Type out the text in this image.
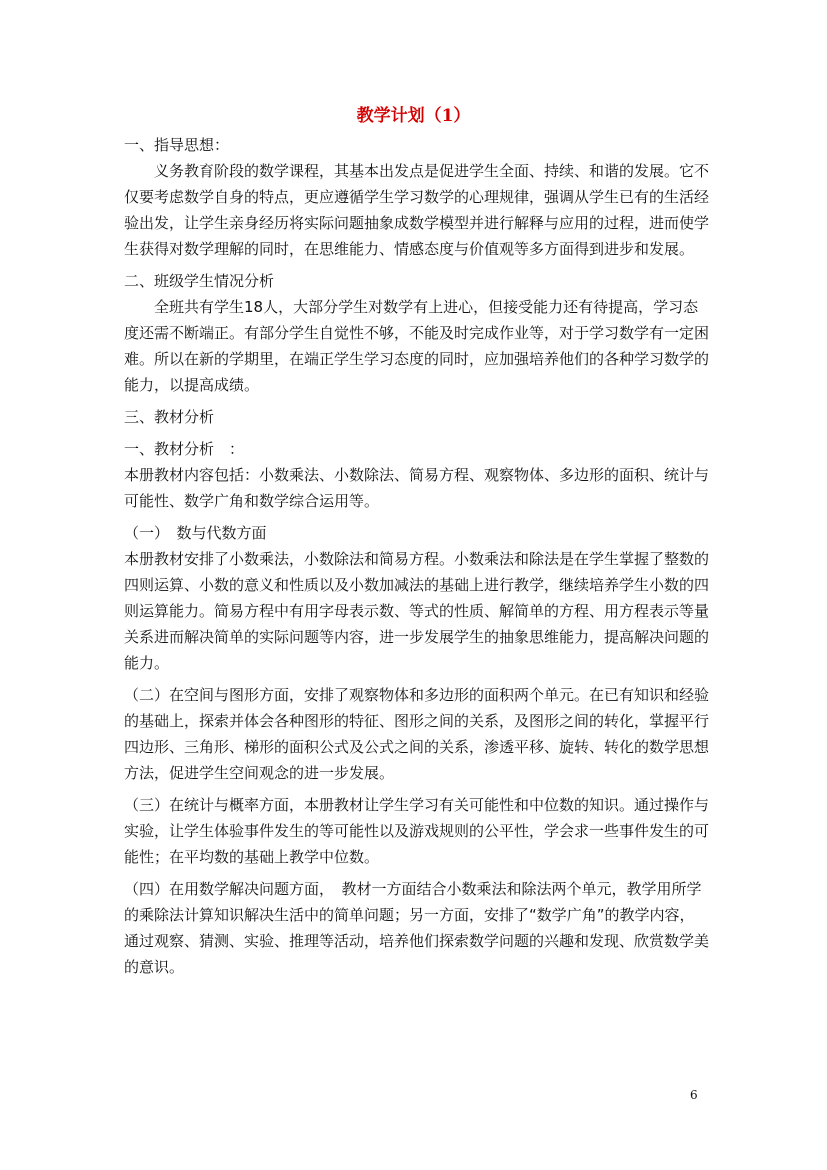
教学计划（1）

一、指导思想：

义务教育阶段的数学课程，其基本出发点是促进学生全面、持续、和谐的发展。它不仅要考虑数学自身的特点，更应遵循学生学习数学的心理规律，强调从学生已有的生活经验出发，让学生亲身经历将实际问题抽象成数学模型并进行解释与应用的过程，进而使学生获得对数学理解的同时，在思维能力、情感态度与价值观等多方面得到进步和发展。

二、班级学生情况分析

全班共有学生18人，大部分学生对数学有上进心，但接受能力还有待提高，学习态度还需不断端正。有部分学生自觉性不够，不能及时完成作业等，对于学习数学有一定困难。所以在新的学期里，在端正学生学习态度的同时，应加强培养他们的各种学习数学的能力，以提高成绩。

三、教材分析

一、教材分析　：

本册教材内容包括：小数乘法、小数除法、简易方程、观察物体、多边形的面积、统计与可能性、数学广角和数学综合运用等。

（一）　数与代数方面

本册教材安排了小数乘法，小数除法和简易方程。小数乘法和除法是在学生掌握了整数的四则运算、小数的意义和性质以及小数加减法的基础上进行教学，继续培养学生小数的四则运算能力。简易方程中有用字母表示数、等式的性质、解简单的方程、用方程表示等量关系进而解决简单的实际问题等内容，进一步发展学生的抽象思维能力，提高解决问题的能力。

（二）在空间与图形方面，安排了观察物体和多边形的面积两个单元。在已有知识和经验的基础上，探索并体会各种图形的特征、图形之间的关系，及图形之间的转化，掌握平行四边形、三角形、梯形的面积公式及公式之间的关系，渗透平移、旋转、转化的数学思想方法，促进学生空间观念的进一步发展。

（三）在统计与概率方面，本册教材让学生学习有关可能性和中位数的知识。通过操作与实验，让学生体验事件发生的等可能性以及游戏规则的公平性，学会求一些事件发生的可能性；在平均数的基础上教学中位数。

（四）在用数学解决问题方面，　教材一方面结合小数乘法和除法两个单元，教学用所学的乘除法计算知识解决生活中的简单问题；另一方面，安排了“数学广角”的教学内容，通过观察、猜测、实验、推理等活动，培养他们探索数学问题的兴趣和发现、欣赏数学美的意识。

6
